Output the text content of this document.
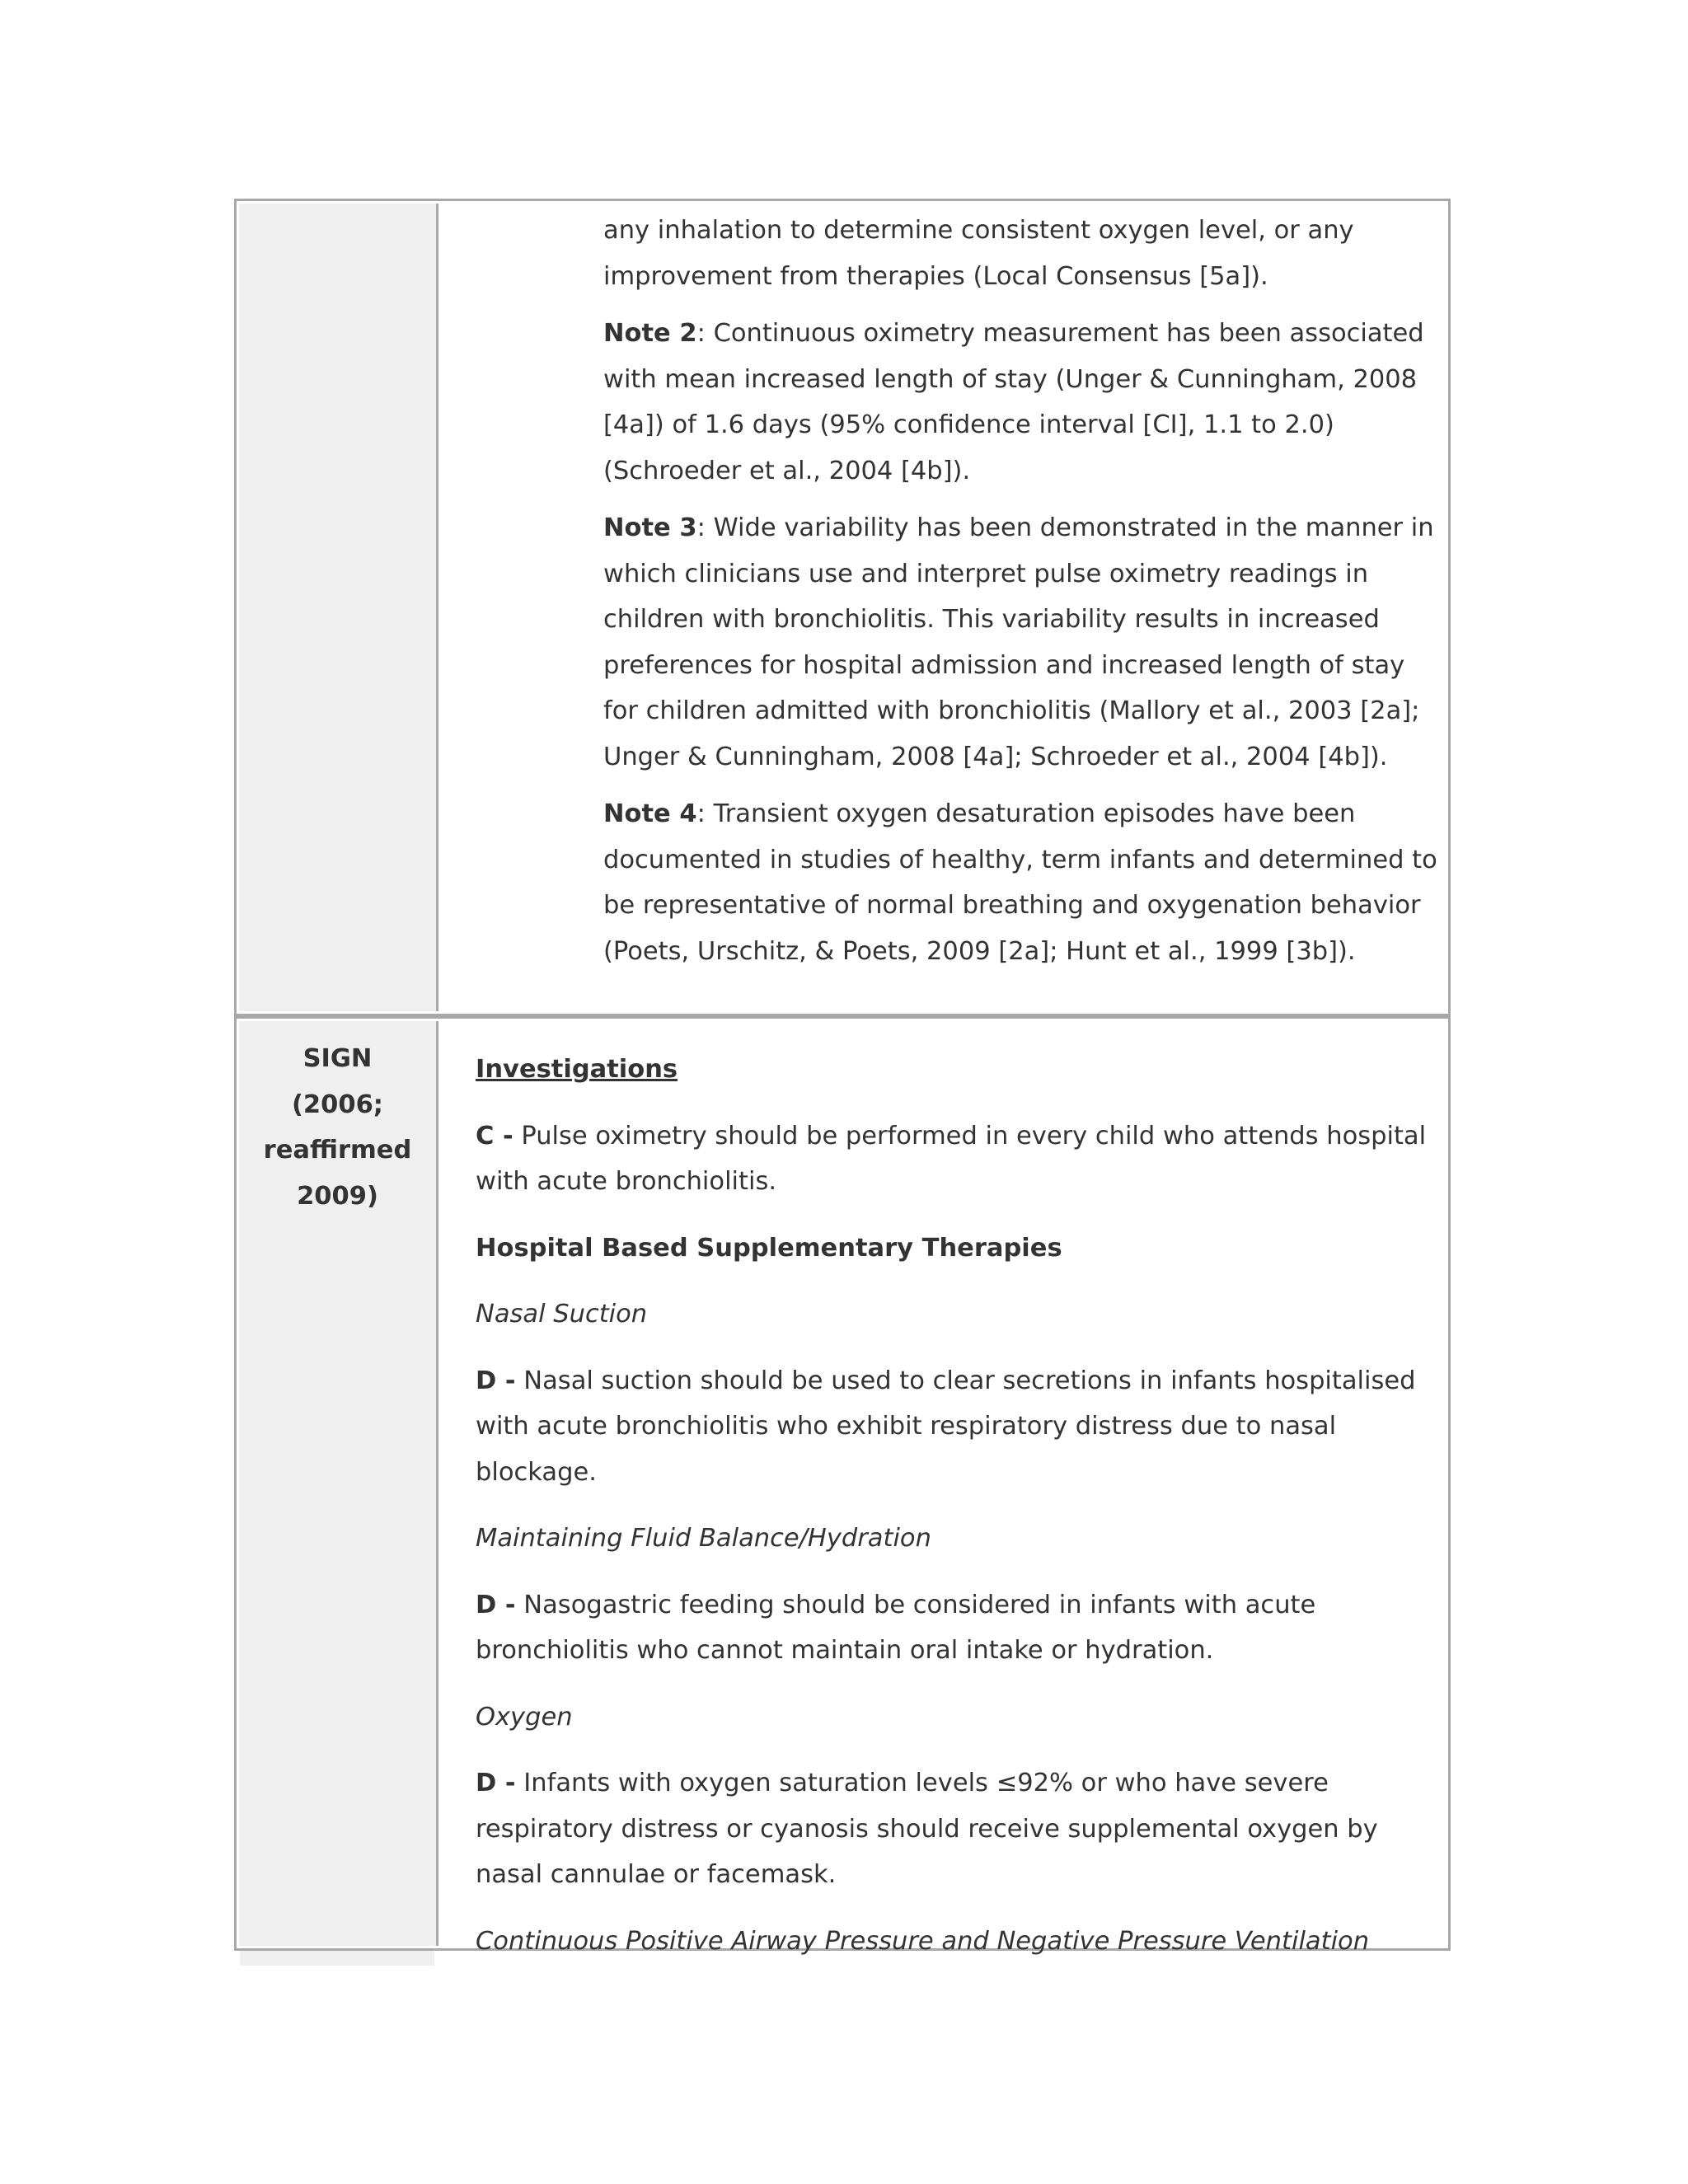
any inhalation to determine consistent oxygen level, or any improvement from therapies (Local Consensus [5a]).

Note 2: Continuous oximetry measurement has been associated with mean increased length of stay (Unger & Cunningham, 2008 [4a]) of 1.6 days (95% confidence interval [CI], 1.1 to 2.0) (Schroeder et al., 2004 [4b]).

Note 3: Wide variability has been demonstrated in the manner in which clinicians use and interpret pulse oximetry readings in children with bronchiolitis. This variability results in increased preferences for hospital admission and increased length of stay for children admitted with bronchiolitis (Mallory et al., 2003 [2a]; Unger & Cunningham, 2008 [4a]; Schroeder et al., 2004 [4b]).

Note 4: Transient oxygen desaturation episodes have been documented in studies of healthy, term infants and determined to be representative of normal breathing and oxygenation behavior (Poets, Urschitz, & Poets, 2009 [2a]; Hunt et al., 1999 [3b]).

SIGN
(2006;
reaffirmed
2009)

Investigations

C - Pulse oximetry should be performed in every child who attends hospital with acute bronchiolitis.

Hospital Based Supplementary Therapies

Nasal Suction

D - Nasal suction should be used to clear secretions in infants hospitalised with acute bronchiolitis who exhibit respiratory distress due to nasal blockage.

Maintaining Fluid Balance/Hydration

D - Nasogastric feeding should be considered in infants with acute bronchiolitis who cannot maintain oral intake or hydration.

Oxygen

D - Infants with oxygen saturation levels ≤92% or who have severe respiratory distress or cyanosis should receive supplemental oxygen by nasal cannulae or facemask.

Continuous Positive Airway Pressure and Negative Pressure Ventilation
